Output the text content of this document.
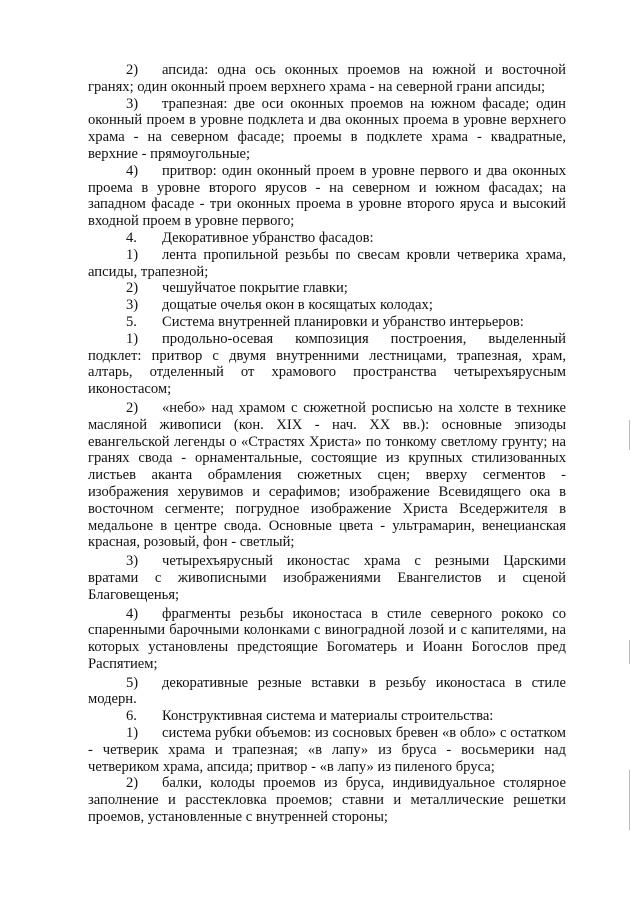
2) апсида: одна ось оконных проемов на южной и восточной гранях; один оконный проем верхнего храма - на северной грани апсиды;

3) трапезная: две оси оконных проемов на южном фасаде; один оконный проем в уровне подклета и два оконных проема в уровне верхнего храма - на северном фасаде; проемы в подклете храма - квадратные, верхние - прямоугольные;

4) притвор: один оконный проем в уровне первого и два оконных проема в уровне второго ярусов - на северном и южном фасадах; на западном фасаде - три оконных проема в уровне второго яруса и высокий входной проем в уровне первого;

4. Декоративное убранство фасадов:

1) лента пропильной резьбы по свесам кровли четверика храма, апсиды, трапезной;

2) чешуйчатое покрытие главки;

3) дощатые очелья окон в косящатых колодах;

5. Система внутренней планировки и убранство интерьеров:

1) продольно-осевая композиция построения, выделенный подклет: притвор с двумя внутренними лестницами, трапезная, храм, алтарь, отделенный от храмового пространства четырехъярусным иконостасом;

2) «небо» над храмом с сюжетной росписью на холсте в технике масляной живописи (кон. XIX - нач. XX вв.): основные эпизоды евангельской легенды о «Страстях Христа» по тонкому светлому грунту; на гранях свода - орнаментальные, состоящие из крупных стилизованных листьев аканта обрамления сюжетных сцен; вверху сегментов - изображения херувимов и серафимов; изображение Всевидящего ока в восточном сегменте; погрудное изображение Христа Вседержителя в медальоне в центре свода. Основные цвета - ультрамарин, венецианская красная, розовый, фон - светлый;

3) четырехъярусный иконостас храма с резными Царскими вратами с живописными изображениями Евангелистов и сценой Благовещенья;

4) фрагменты резьбы иконостаса в стиле северного рококо со спаренными барочными колонками с виноградной лозой и с капителями, на которых установлены предстоящие Богоматерь и Иоанн Богослов пред Распятием;

5) декоративные резные вставки в резьбу иконостаса в стиле модерн.

6. Конструктивная система и материалы строительства:

1) система рубки объемов: из сосновых бревен «в обло» с остатком - четверик храма и трапезная; «в лапу» из бруса - восьмерики над четвериком храма, апсида; притвор - «в лапу» из пиленого бруса;

2) балки, колоды проемов из бруса, индивидуальное столярное заполнение и расстекловка проемов; ставни и металлические решетки проемов, установленные с внутренней стороны;
